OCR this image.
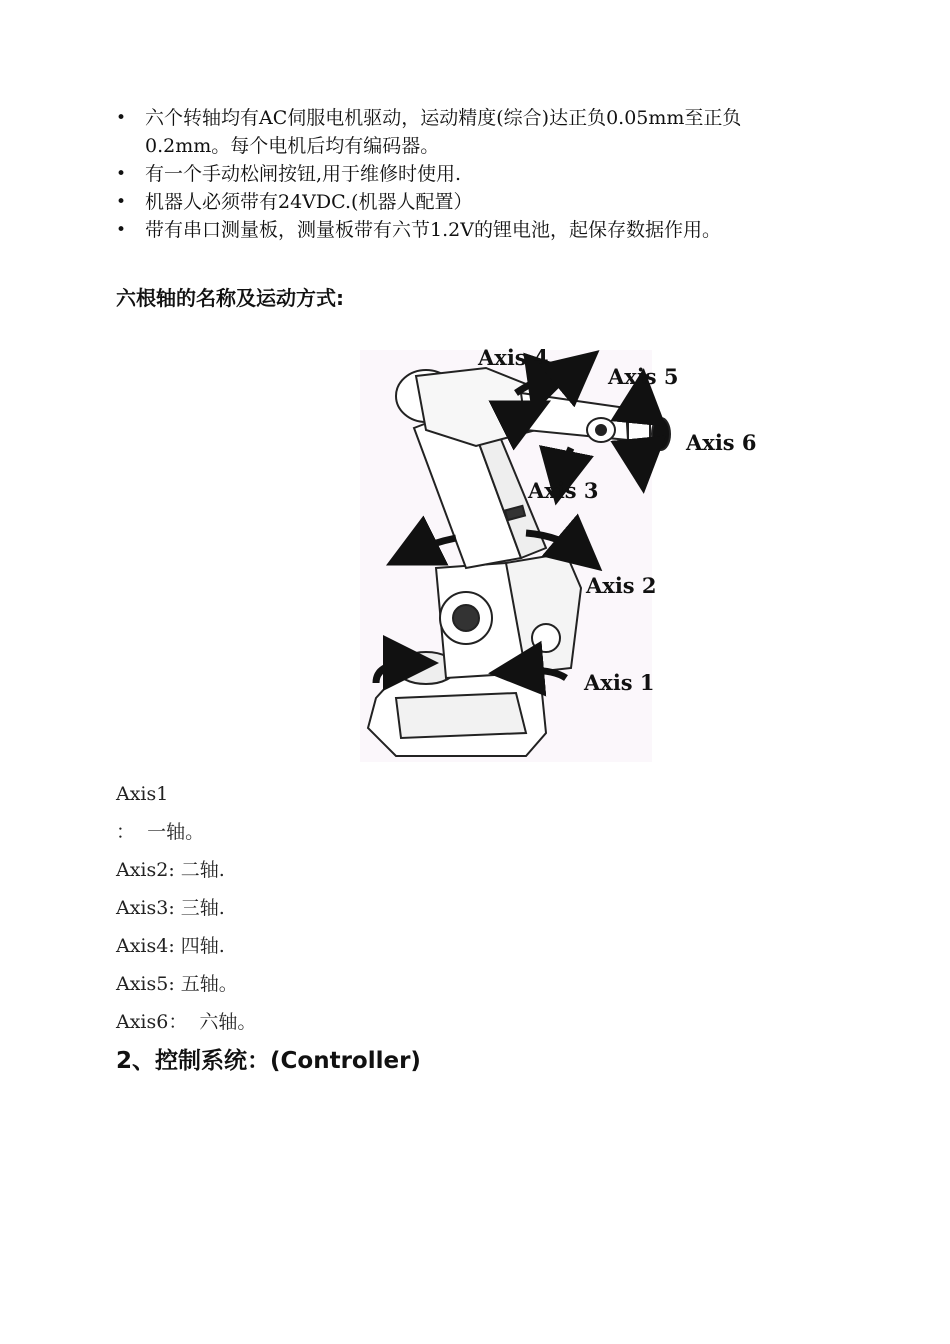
• 六个转轴均有AC伺服电机驱动，运动精度(综合)达正负0.05mm至正负
0.2mm。每个电机后均有编码器。
• 有一个手动松闸按钮,用于维修时使用.
• 机器人必须带有24VDC.(机器人配置）
• 带有串口测量板，测量板带有六节1.2V的锂电池，起保存数据作用。
六根轴的名称及运动方式:
Axis 4
Axis 5
Axis 6
Axis 3
Axis 2
Axis 1
Axis1
：  一轴。
Axis2: 二轴.
Axis3: 三轴.
Axis4: 四轴.
Axis5: 五轴。
Axis6：  六轴。
2、控制系统：(Controller)
